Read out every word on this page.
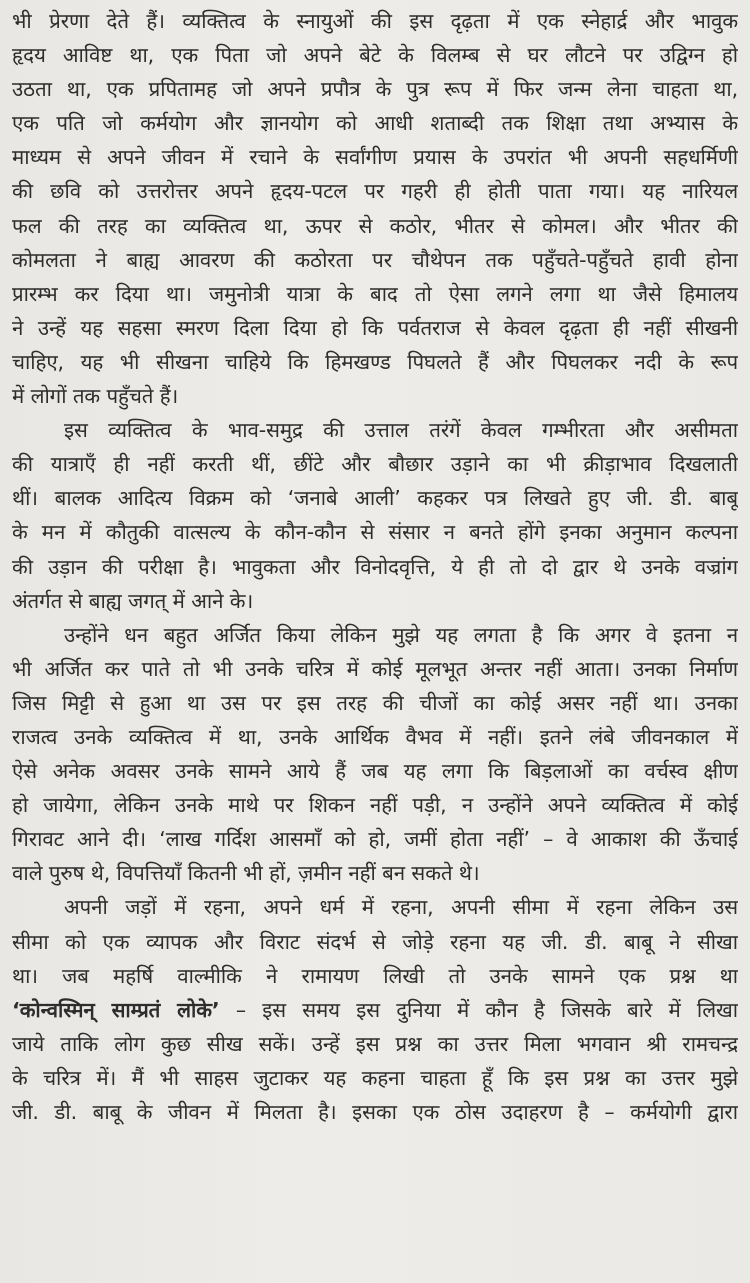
भी प्रेरणा देते हैं। व्यक्तित्व के स्नायुओं की इस दृढ़ता में एक स्नेहार्द्र और भावुक
हृदय आविष्ट था, एक पिता जो अपने बेटे के विलम्ब से घर लौटने पर उद्विग्न हो
उठता था, एक प्रपितामह जो अपने प्रपौत्र के पुत्र रूप में फिर जन्म लेना चाहता था,
एक पति जो कर्मयोग और ज्ञानयोग को आधी शताब्दी तक शिक्षा तथा अभ्यास के
माध्यम से अपने जीवन में रचाने के सर्वांगीण प्रयास के उपरांत भी अपनी सहधर्मिणी
की छवि को उत्तरोत्तर अपने हृदय-पटल पर गहरी ही होती पाता गया। यह नारियल
फल की तरह का व्यक्तित्व था, ऊपर से कठोर, भीतर से कोमल। और भीतर की
कोमलता ने बाह्य आवरण की कठोरता पर चौथेपन तक पहुँचते-पहुँचते हावी होना
प्रारम्भ कर दिया था। जमुनोत्री यात्रा के बाद तो ऐसा लगने लगा था जैसे हिमालय
ने उन्हें यह सहसा स्मरण दिला दिया हो कि पर्वतराज से केवल दृढ़ता ही नहीं सीखनी
चाहिए, यह भी सीखना चाहिये कि हिमखण्ड पिघलते हैं और पिघलकर नदी के रूप
में लोगों तक पहुँचते हैं।

इस व्यक्तित्व के भाव-समुद्र की उत्ताल तरंगें केवल गम्भीरता और असीमता
की यात्राएँ ही नहीं करती थीं, छींटे और बौछार उड़ाने का भी क्रीड़ाभाव दिखलाती
थीं। बालक आदित्य विक्रम को ‘जनाबे आली’ कहकर पत्र लिखते हुए जी. डी. बाबू
के मन में कौतुकी वात्सल्य के कौन-कौन से संसार न बनते होंगे इनका अनुमान कल्पना
की उड़ान की परीक्षा है। भावुकता और विनोदवृत्ति, ये ही तो दो द्वार थे उनके वज्रांग
अंतर्गत से बाह्य जगत् में आने के।

उन्होंने धन बहुत अर्जित किया लेकिन मुझे यह लगता है कि अगर वे इतना न
भी अर्जित कर पाते तो भी उनके चरित्र में कोई मूलभूत अन्तर नहीं आता। उनका निर्माण
जिस मिट्टी से हुआ था उस पर इस तरह की चीजों का कोई असर नहीं था। उनका
राजत्व उनके व्यक्तित्व में था, उनके आर्थिक वैभव में नहीं। इतने लंबे जीवनकाल में
ऐसे अनेक अवसर उनके सामने आये हैं जब यह लगा कि बिड़लाओं का वर्चस्व क्षीण
हो जायेगा, लेकिन उनके माथे पर शिकन नहीं पड़ी, न उन्होंने अपने व्यक्तित्व में कोई
गिरावट आने दी। ‘लाख गर्दिश आसमाँ को हो, जमीं होता नहीं’ – वे आकाश की ऊँचाई
वाले पुरुष थे, विपत्तियाँ कितनी भी हों, ज़मीन नहीं बन सकते थे।

अपनी जड़ों में रहना, अपने धर्म में रहना, अपनी सीमा में रहना लेकिन उस
सीमा को एक व्यापक और विराट संदर्भ से जोड़े रहना यह जी. डी. बाबू ने सीखा
था। जब महर्षि वाल्मीकि ने रामायण लिखी तो उनके सामने एक प्रश्न था
‘कोन्वस्मिन् साम्प्रतं लोके’ – इस समय इस दुनिया में कौन है जिसके बारे में लिखा
जाये ताकि लोग कुछ सीख सकें। उन्हें इस प्रश्न का उत्तर मिला भगवान श्री रामचन्द्र
के चरित्र में। मैं भी साहस जुटाकर यह कहना चाहता हूँ कि इस प्रश्न का उत्तर मुझे
जी. डी. बाबू के जीवन में मिलता है। इसका एक ठोस उदाहरण है – कर्मयोगी द्वारा
